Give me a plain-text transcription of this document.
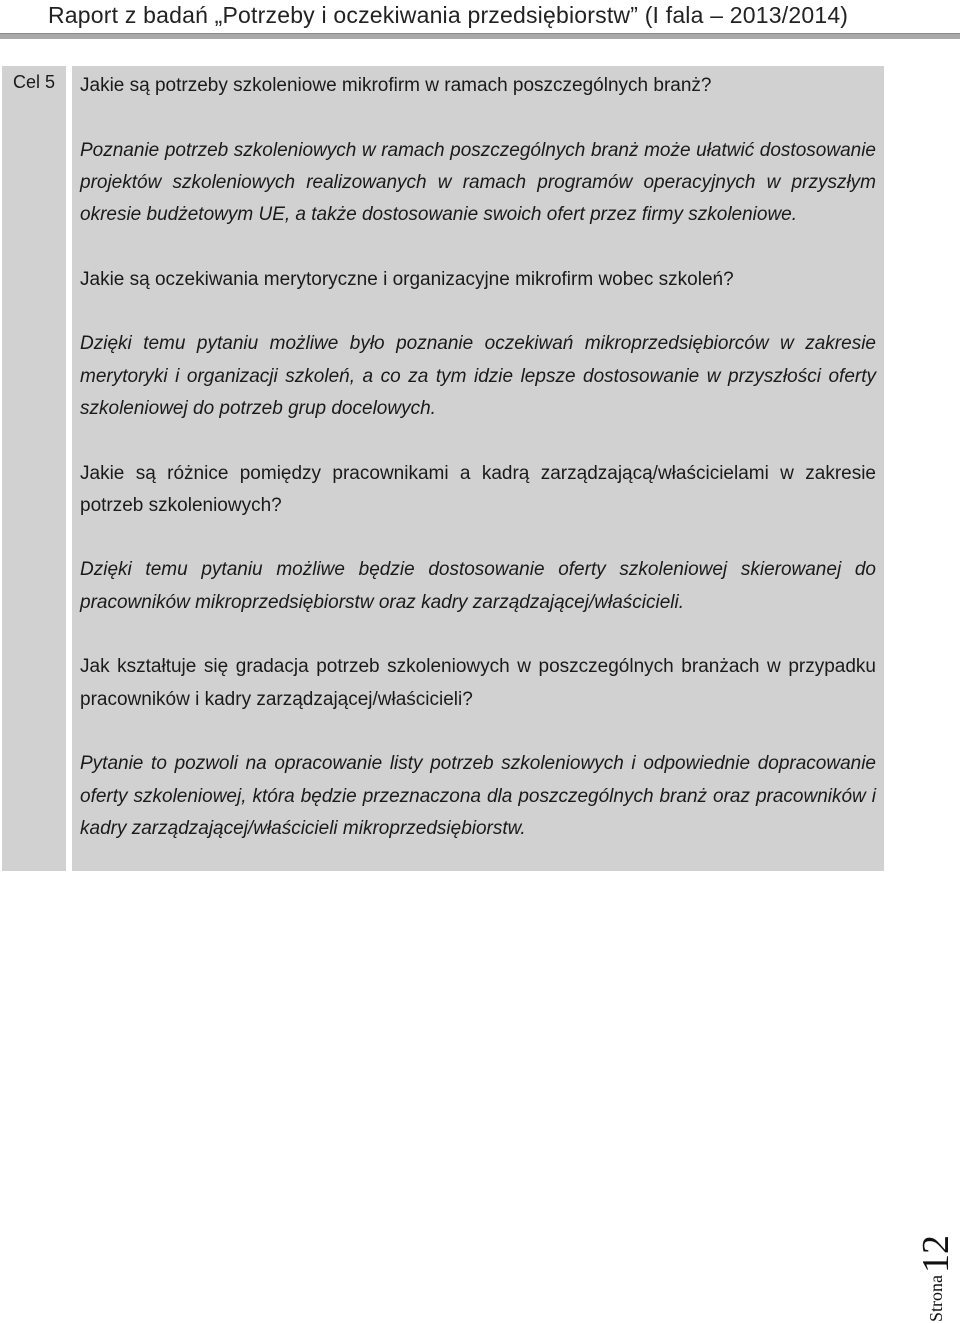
Raport z badań „Potrzeby i oczekiwania przedsiębiorstw” (I fala – 2013/2014)
Cel 5	Jakie są potrzeby szkoleniowe mikrofirm w ramach poszczególnych branż?

Poznanie potrzeb szkoleniowych w ramach poszczególnych branż może ułatwić dostosowanie projektów szkoleniowych realizowanych w ramach programów operacyjnych w przyszłym okresie budżetowym UE, a także dostosowanie swoich ofert przez firmy szkoleniowe.

Jakie są oczekiwania merytoryczne i organizacyjne mikrofirm wobec szkoleń?

Dzięki temu pytaniu możliwe było poznanie oczekiwań mikroprzedsiębiorców w zakresie merytoryki i organizacji szkoleń, a co za tym idzie lepsze dostosowanie w przyszłości oferty szkoleniowej do potrzeb grup docelowych.

Jakie są różnice pomiędzy pracownikami a kadrą zarządzającą/właścicielami w zakresie potrzeb szkoleniowych?

Dzięki temu pytaniu możliwe będzie dostosowanie oferty szkoleniowej skierowanej do pracowników mikroprzedsiębiorstw oraz kadry zarządzającej/właścicieli.

Jak kształtuje się gradacja potrzeb szkoleniowych w poszczególnych branżach w przypadku pracowników i kadry zarządzającej/właścicieli?

Pytanie to pozwoli na opracowanie listy potrzeb szkoleniowych i odpowiednie dopracowanie oferty szkoleniowej, która będzie przeznaczona dla poszczególnych branż oraz pracowników i kadry zarządzającej/właścicieli mikroprzedsiębiorstw.

Strona
12
